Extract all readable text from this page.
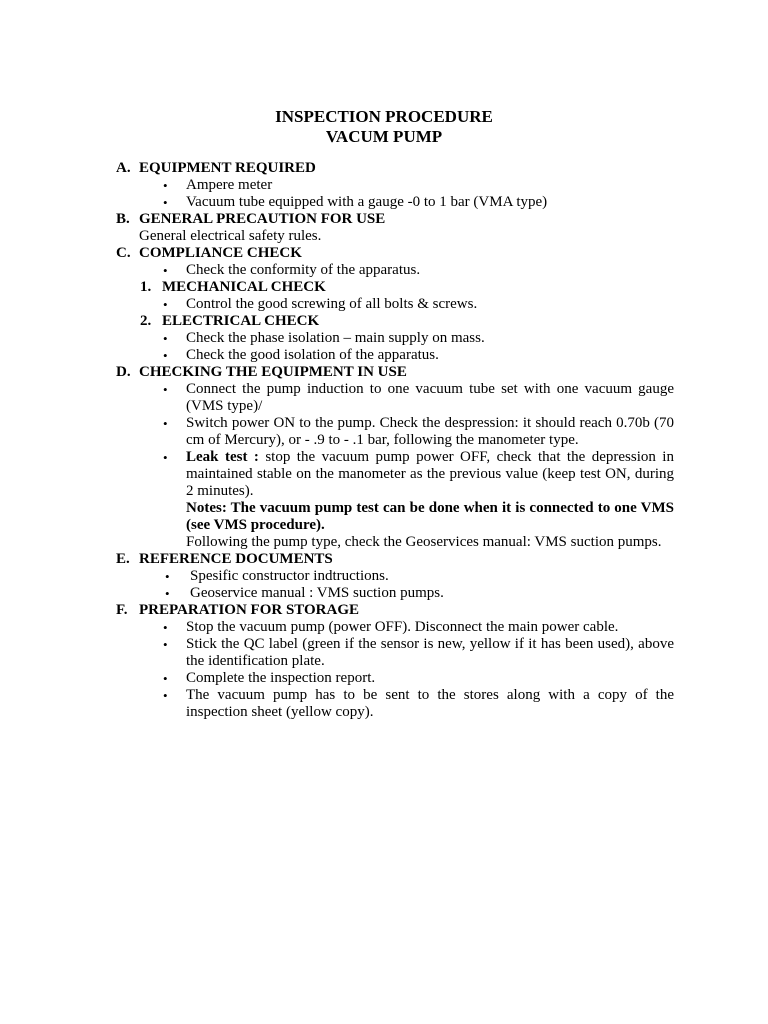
INSPECTION PROCEDURE
VACUM PUMP
A. EQUIPMENT REQUIRED
• Ampere meter
• Vacuum tube equipped with a gauge -0 to 1 bar (VMA type)
B. GENERAL PRECAUTION FOR USE
General electrical safety rules.
C. COMPLIANCE CHECK
• Check the conformity of the apparatus.
1. MECHANICAL CHECK
• Control the good screwing of all bolts & screws.
2. ELECTRICAL CHECK
• Check the phase isolation – main supply on mass.
• Check the good isolation of the apparatus.
D. CHECKING THE EQUIPMENT IN USE
• Connect the pump induction to one vacuum tube set with one vacuum gauge (VMS type)/
• Switch power ON to the pump. Check the despression: it should reach 0.70b (70 cm of Mercury), or - .9 to - .1 bar, following the manometer type.
• Leak test : stop the vacuum pump power OFF, check that the depression in maintained stable on the manometer as the previous value (keep test ON, during 2 minutes).
Notes: The vacuum pump test can be done when it is connected to one VMS (see VMS procedure).
Following the pump type, check the Geoservices manual: VMS suction pumps.
E. REFERENCE DOCUMENTS
• Spesific constructor indtructions.
• Geoservice manual : VMS suction pumps.
F. PREPARATION FOR STORAGE
• Stop the vacuum pump (power OFF). Disconnect the main power cable.
• Stick the QC label (green if the sensor is new, yellow if it has been used), above the identification plate.
• Complete the inspection report.
• The vacuum pump has to be sent to the stores along with a copy of the inspection sheet (yellow copy).
